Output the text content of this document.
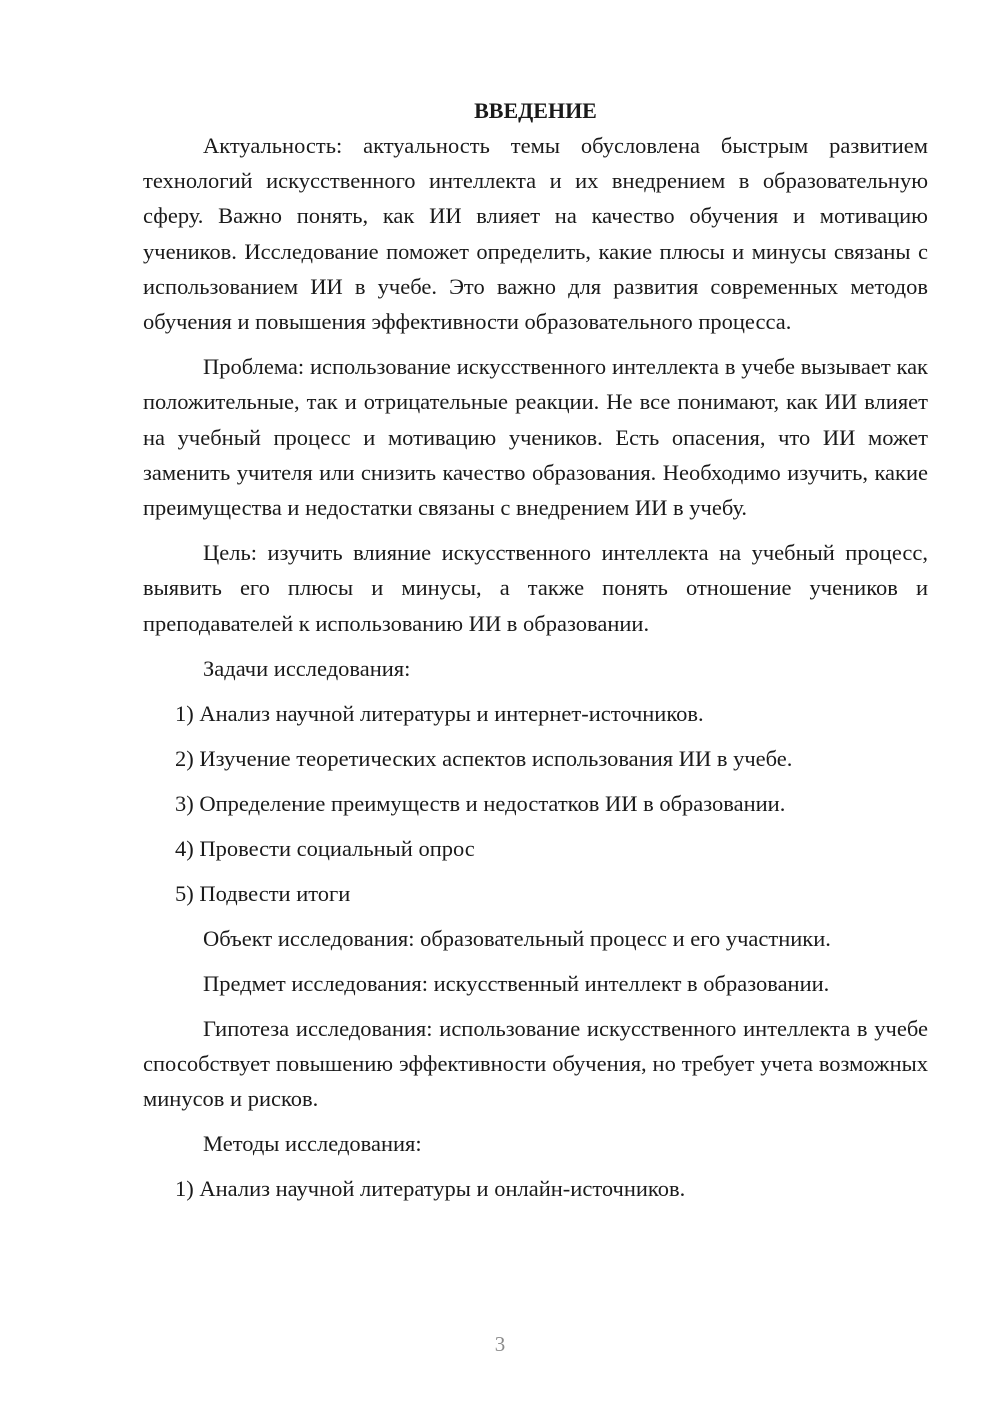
ВВЕДЕНИЕ

Актуальность: актуальность темы обусловлена быстрым развитием технологий искусственного интеллекта и их внедрением в образовательную сферу. Важно понять, как ИИ влияет на качество обучения и мотивацию учеников. Исследование поможет определить, какие плюсы и минусы связаны с использованием ИИ в учебе. Это важно для развития современных методов обучения и повышения эффективности образовательного процесса.

Проблема: использование искусственного интеллекта в учебе вызывает как положительные, так и отрицательные реакции. Не все понимают, как ИИ влияет на учебный процесс и мотивацию учеников. Есть опасения, что ИИ может заменить учителя или снизить качество образования. Необходимо изучить, какие преимущества и недостатки связаны с внедрением ИИ в учебу.

Цель: изучить влияние искусственного интеллекта на учебный процесс, выявить его плюсы и минусы, а также понять отношение учеников и преподавателей к использованию ИИ в образовании.

Задачи исследования:
1) Анализ научной литературы и интернет-источников.
2) Изучение теоретических аспектов использования ИИ в учебе.
3) Определение преимуществ и недостатков ИИ в образовании.
4) Провести социальный опрос
5) Подвести итоги
Объект исследования: образовательный процесс и его участники.
Предмет исследования: искусственный интеллект в образовании.

Гипотеза исследования: использование искусственного интеллекта в учебе способствует повышению эффективности обучения, но требует учета возможных минусов и рисков.

Методы исследования:
1) Анализ научной литературы и онлайн-источников.
3
